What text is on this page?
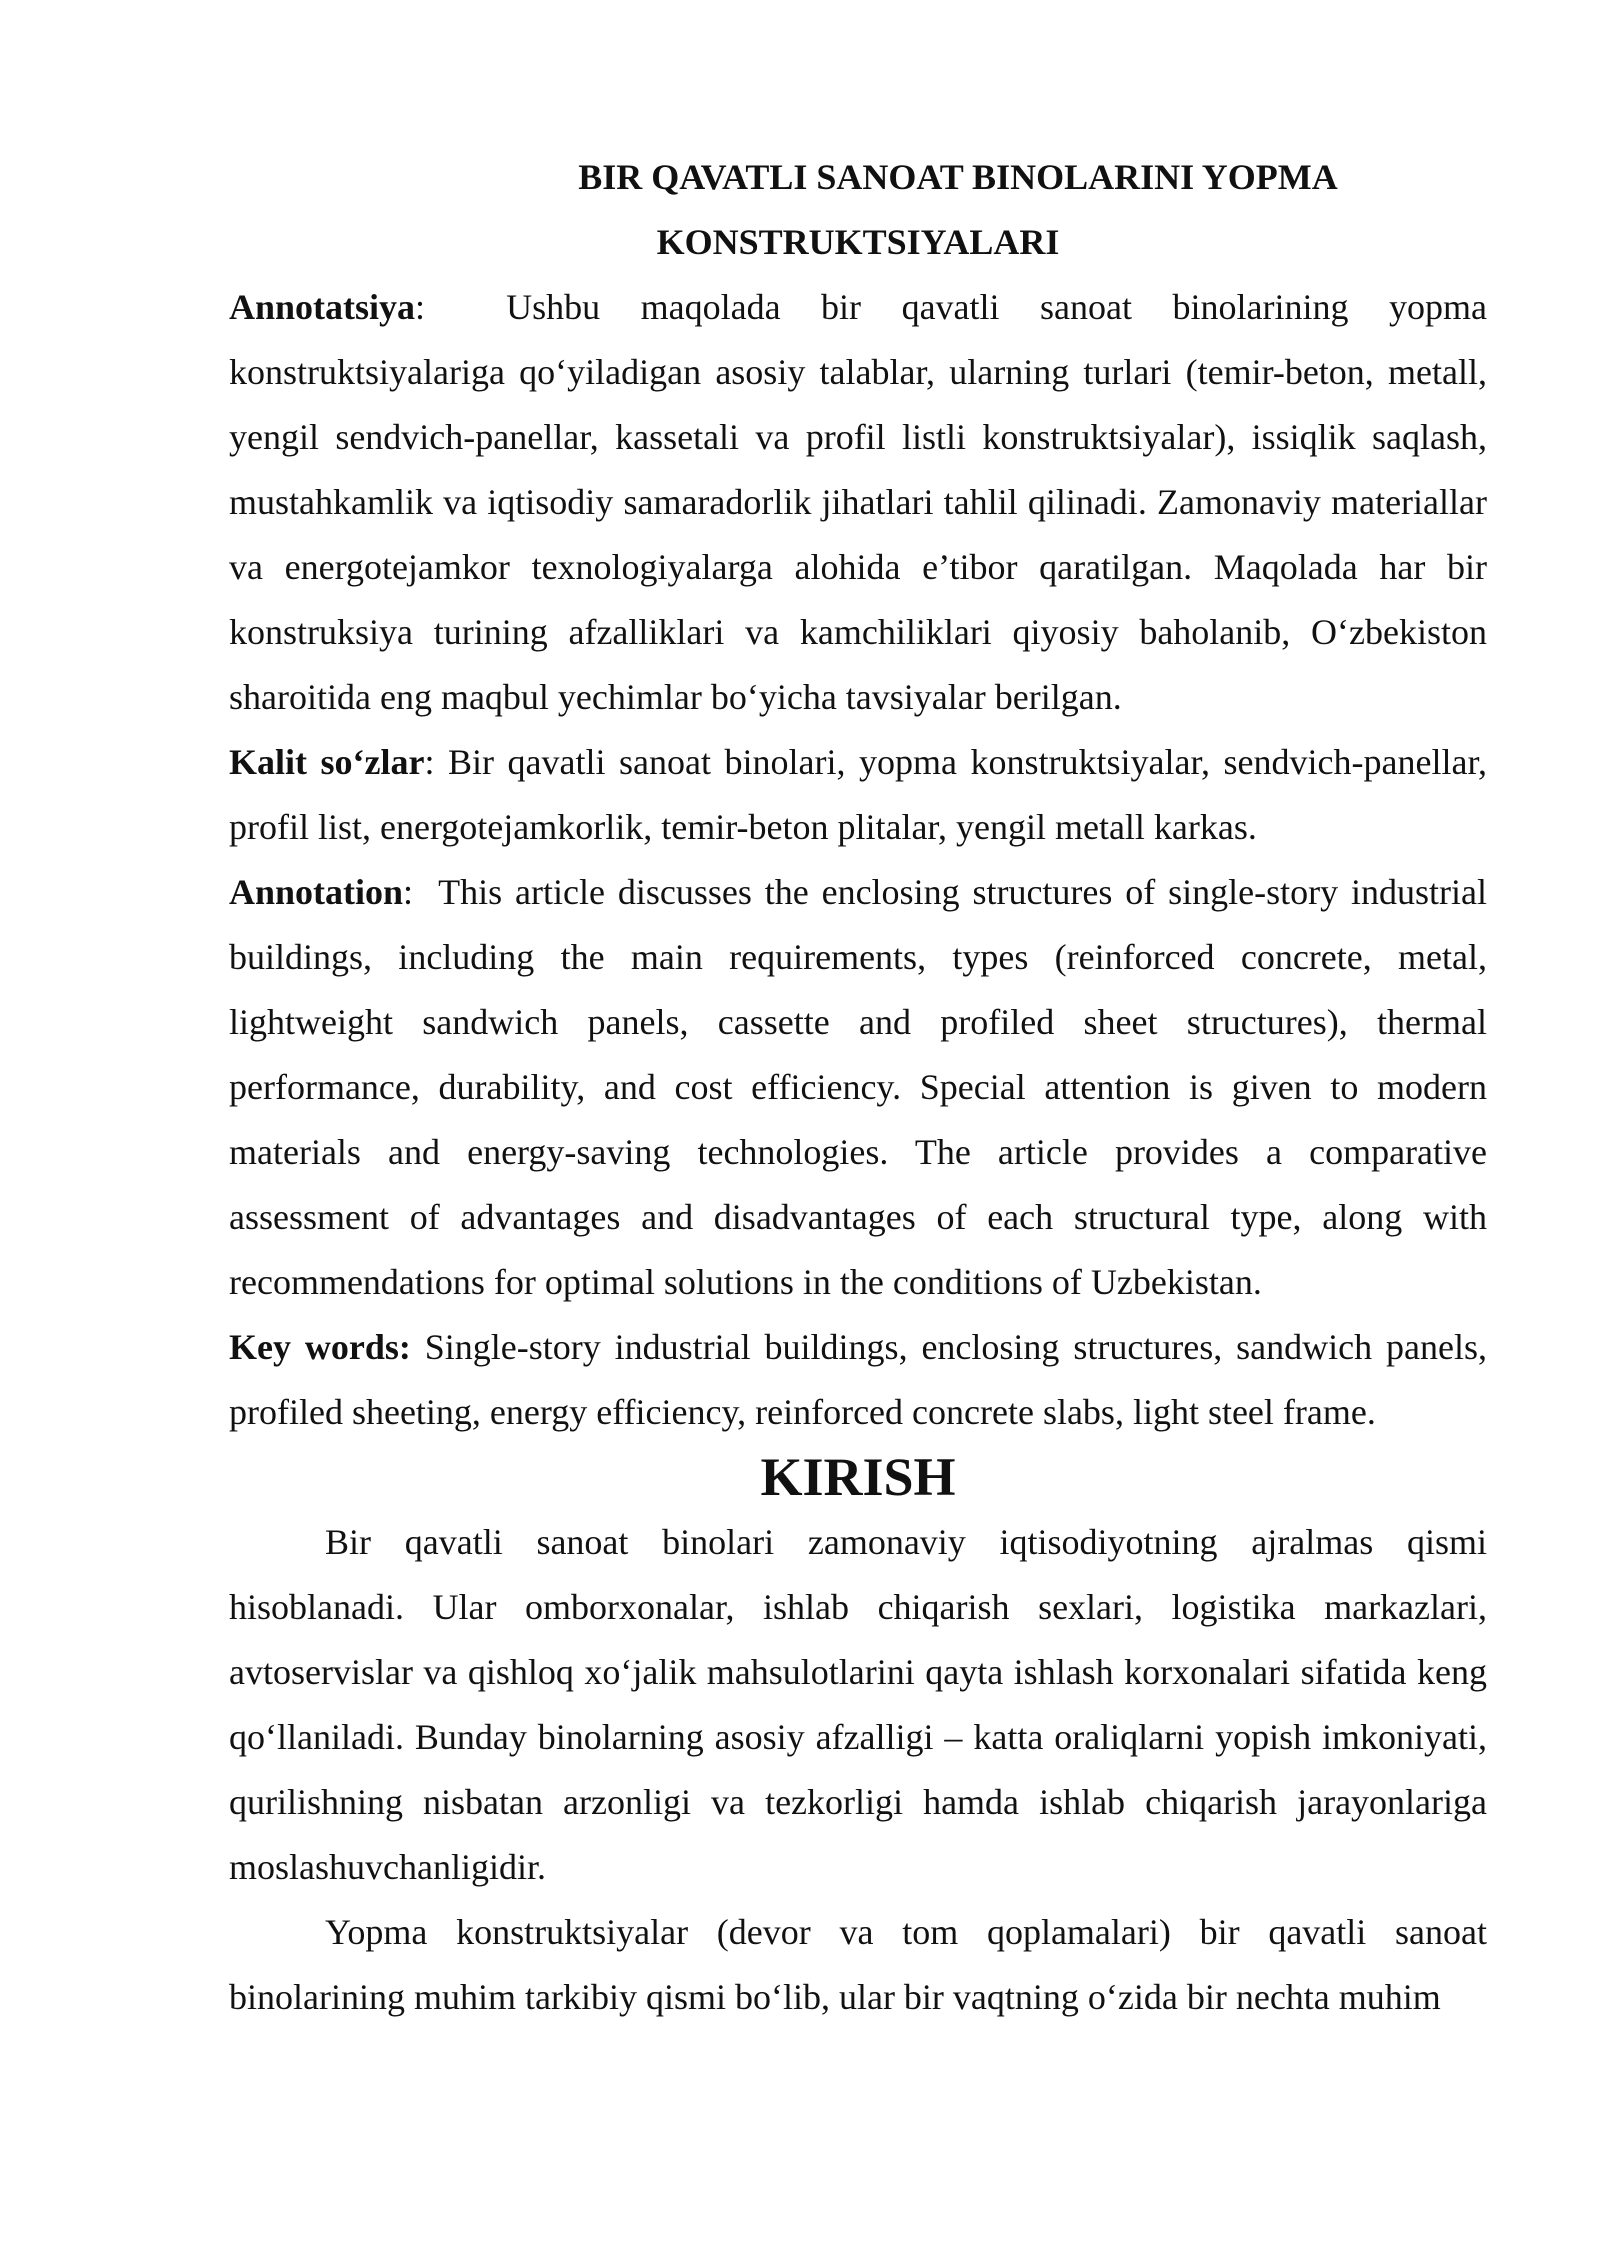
BIR QAVATLI SANOAT BINOLARINI YOPMA
KONSTRUKTSIYALARI

Annotatsiya:  Ushbu maqolada bir qavatli sanoat binolarining yopma konstruktsiyalariga qo‘yiladigan asosiy talablar, ularning turlari (temir-beton, metall, yengil sendvich-panellar, kassetali va profil listli konstruktsiyalar), issiqlik saqlash, mustahkamlik va iqtisodiy samaradorlik jihatlari tahlil qilinadi. Zamonaviy materiallar va energotejamkor texnologiyalarga alohida e’tibor qaratilgan. Maqolada har bir konstruksiya turining afzalliklari va kamchiliklari qiyosiy baholanib, O‘zbekiston sharoitida eng maqbul yechimlar bo‘yicha tavsiyalar berilgan.

Kalit so‘zlar: Bir qavatli sanoat binolari, yopma konstruktsiyalar, sendvich-panellar, profil list, energotejamkorlik, temir-beton plitalar, yengil metall karkas.

Annotation:  This article discusses the enclosing structures of single-story industrial buildings, including the main requirements, types (reinforced concrete, metal, lightweight sandwich panels, cassette and profiled sheet structures), thermal performance, durability, and cost efficiency. Special attention is given to modern materials and energy-saving technologies. The article provides a comparative assessment of advantages and disadvantages of each structural type, along with recommendations for optimal solutions in the conditions of Uzbekistan.

Key words: Single-story industrial buildings, enclosing structures, sandwich panels, profiled sheeting, energy efficiency, reinforced concrete slabs, light steel frame.

KIRISH

Bir qavatli sanoat binolari zamonaviy iqtisodiyotning ajralmas qismi hisoblanadi. Ular omborxonalar, ishlab chiqarish sexlari, logistika markazlari, avtoservislar va qishloq xo‘jalik mahsulotlarini qayta ishlash korxonalari sifatida keng qo‘llaniladi. Bunday binolarning asosiy afzalligi – katta oraliqlarni yopish imkoniyati, qurilishning nisbatan arzonligi va tezkorligi hamda ishlab chiqarish jarayonlariga moslashuvchanligidir.

Yopma konstruktsiyalar (devor va tom qoplamalari) bir qavatli sanoat binolarining muhim tarkibiy qismi bo‘lib, ular bir vaqtning o‘zida bir nechta muhim
